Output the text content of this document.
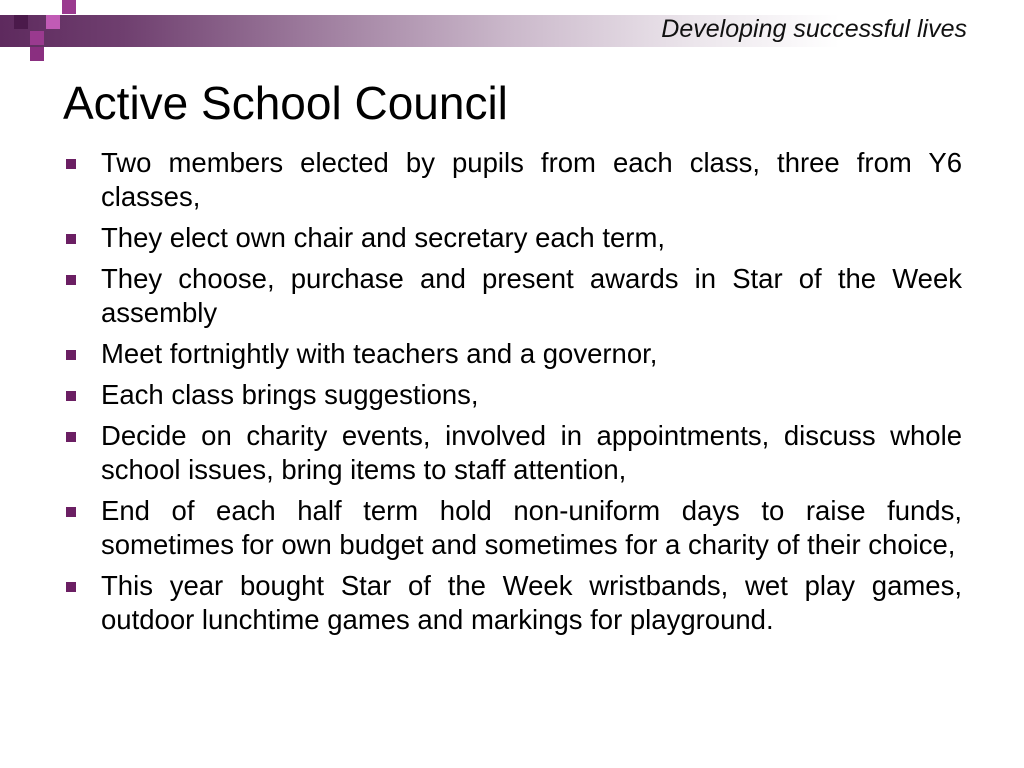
Developing successful lives
Active School Council
Two members elected by pupils from each class, three from Y6 classes,
They elect own chair and secretary each term,
They choose, purchase and present awards in Star of the Week assembly
Meet fortnightly with teachers and a governor,
Each class brings suggestions,
Decide on charity events, involved in appointments, discuss whole school issues, bring items to staff attention,
End of each half term hold non-uniform days to raise funds, sometimes for own budget and sometimes for a charity of their choice,
This year bought Star of the Week wristbands, wet play games, outdoor lunchtime games and markings for playground.
